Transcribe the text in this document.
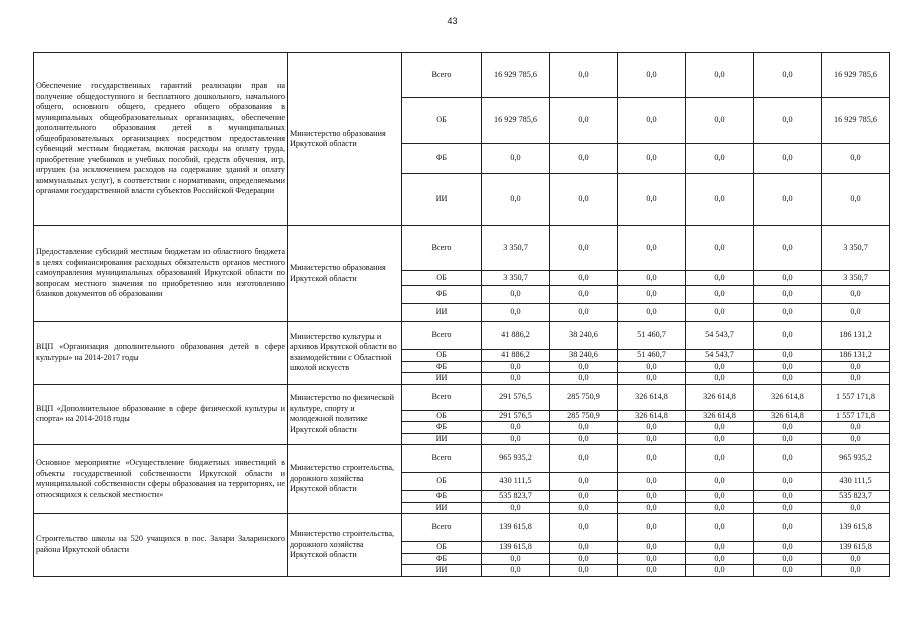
43
Обеспечение государственных гарантий реализации прав на получение общедоступного и бесплатного дошкольного, начального общего, основного общего, среднего общего образования в муниципальных общеобразовательных организациях, обеспечение дополнительного образования детей в муниципальных общеобразовательных организациях посредством предоставления субвенций местным бюджетам, включая расходы на оплату труда, приобретение учебников и учебных пособий, средств обучения, игр, игрушек (за исключением расходов на содержание зданий и оплату коммунальных услуг), в соответствии с нормативами, определяемыми органами государственной власти субъектов Российской Федерации	Министерство образования Иркутской области	Всего	16 929 785,6	0,0	0,0	0,0	0,0	16 929 785,6
		ОБ	16 929 785,6	0,0	0,0	0,0	0,0	16 929 785,6
		ФБ	0,0	0,0	0,0	0,0	0,0	0,0
		ИИ	0,0	0,0	0,0	0,0	0,0	0,0
Предоставление субсидий местным бюджетам из областного бюджета в целях софинансирования расходных обязательств органов местного самоуправления муниципальных образований Иркутской области по вопросам местного значения по приобретению или изготовлению бланков документов об образовании	Министерство образования Иркутской области	Всего	3 350,7	0,0	0,0	0,0	0,0	3 350,7
		ОБ	3 350,7	0,0	0,0	0,0	0,0	3 350,7
		ФБ	0,0	0,0	0,0	0,0	0,0	0,0
		ИИ	0,0	0,0	0,0	0,0	0,0	0,0
ВЦП «Организация дополнительного образования детей в сфере культуры» на 2014-2017 годы	Министерство культуры и архивов Иркутской области во взаимодействии с Областной школой искусств	Всего	41 886,2	38 240,6	51 460,7	54 543,7	0,0	186 131,2
		ОБ	41 886,2	38 240,6	51 460,7	54 543,7	0,0	186 131,2
		ФБ	0,0	0,0	0,0	0,0	0,0	0,0
		ИИ	0,0	0,0	0,0	0,0	0,0	0,0
ВЦП «Дополнительное образование в сфере физической культуры и спорта» на 2014-2018 годы	Министерство по физической культуре, спорту и молодежной политике Иркутской области	Всего	291 576,5	285 750,9	326 614,8	326 614,8	326 614,8	1 557 171,8
		ОБ	291 576,5	285 750,9	326 614,8	326 614,8	326 614,8	1 557 171,8
		ФБ	0,0	0,0	0,0	0,0	0,0	0,0
		ИИ	0,0	0,0	0,0	0,0	0,0	0,0
Основное мероприятие «Осуществление бюджетных инвестиций в объекты государственной собственности Иркутской области и муниципальной собственности сферы образования на территориях, не относящихся к сельской местности»	Министерство строительства, дорожного хозяйства Иркутской области	Всего	965 935,2	0,0	0,0	0,0	0,0	965 935,2
		ОБ	430 111,5	0,0	0,0	0,0	0,0	430 111,5
		ФБ	535 823,7	0,0	0,0	0,0	0,0	535 823,7
		ИИ	0,0	0,0	0,0	0,0	0,0	0,0
Строительство школы на 520 учащихся в пос. Залари Заларинского района Иркутской области	Министерство строительства, дорожного хозяйства Иркутской области	Всего	139 615,8	0,0	0,0	0,0	0,0	139 615,8
		ОБ	139 615,8	0,0	0,0	0,0	0,0	139 615,8
		ФБ	0,0	0,0	0,0	0,0	0,0	0,0
		ИИ	0,0	0,0	0,0	0,0	0,0	0,0
